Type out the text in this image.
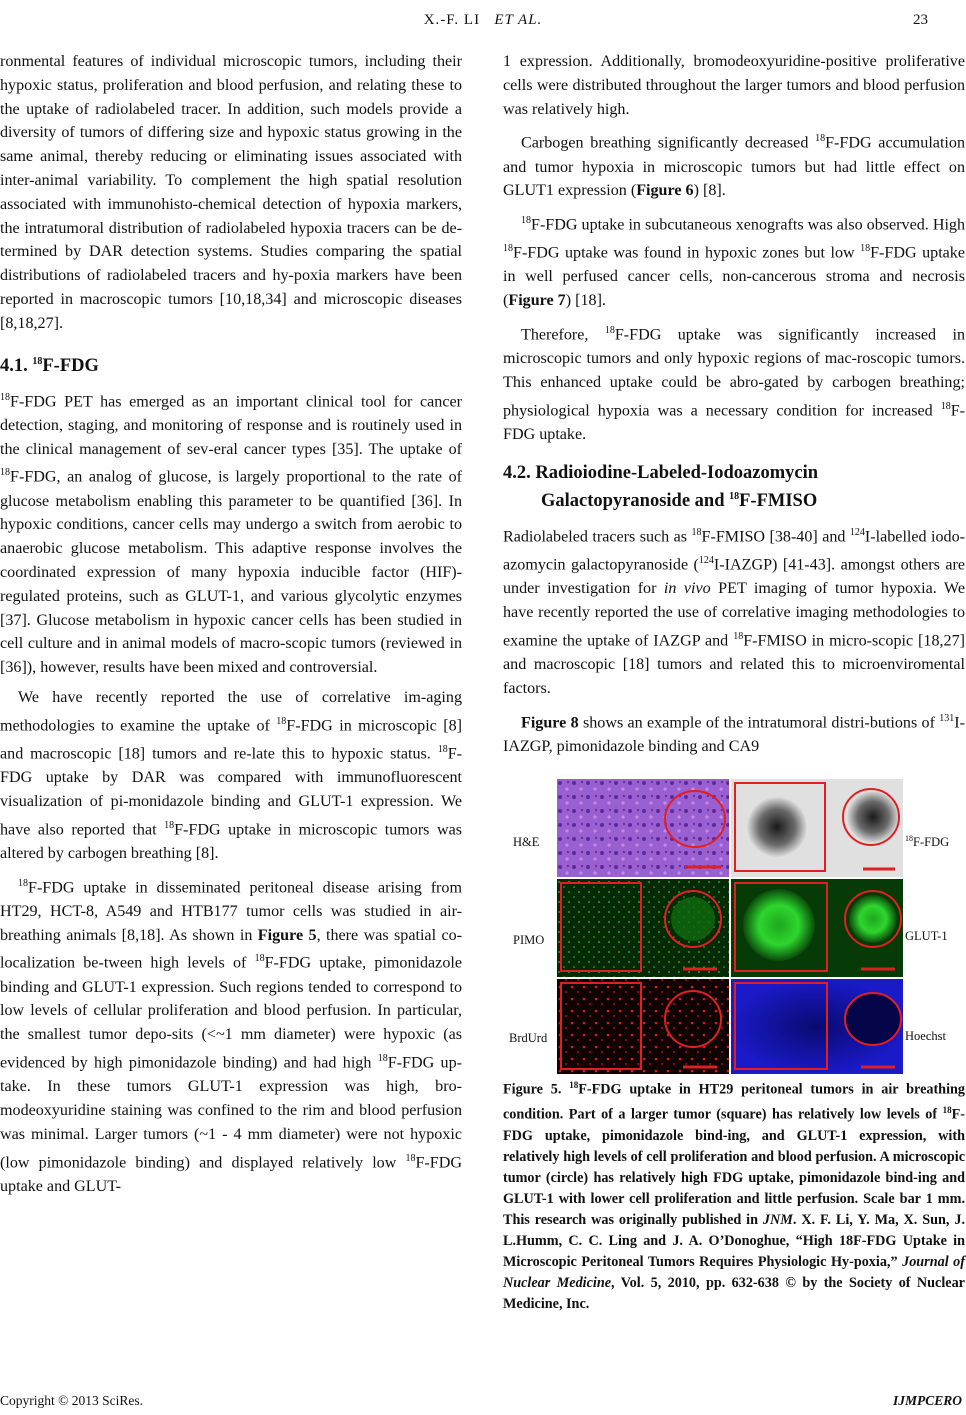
X.-F. LI ET AL.	23

ronmental features of individual microscopic tumors, including their hypoxic status, proliferation and blood perfusion, and relating these to the uptake of radiolabeled tracer. In addition, such models provide a diversity of tumors of differing size and hypoxic status growing in the same animal, thereby reducing or eliminating issues associated with inter-animal variability. To complement the high spatial resolution associated with immunohisto-chemical detection of hypoxia markers, the intratumoral distribution of radiolabeled hypoxia tracers can be de-termined by DAR detection systems. Studies comparing the spatial distributions of radiolabeled tracers and hy-poxia markers have been reported in macroscopic tumors [10,18,34] and microscopic diseases [8,18,27].

4.1. $^{18}$F-FDG

$^{18}$F-FDG PET has emerged as an important clinical tool for cancer detection, staging, and monitoring of response and is routinely used in the clinical management of sev-eral cancer types [35]. The uptake of $^{18}$F-FDG, an analog of glucose, is largely proportional to the rate of glucose metabolism enabling this parameter to be quantified [36]. In hypoxic conditions, cancer cells may undergo a switch from aerobic to anaerobic glucose metabolism. This adaptive response involves the coordinated expression of many hypoxia inducible factor (HIF)-regulated proteins, such as GLUT-1, and various glycolytic enzymes [37]. Glucose metabolism in hypoxic cancer cells has been studied in cell culture and in animal models of macro-scopic tumors (reviewed in [36]), however, results have been mixed and controversial.

We have recently reported the use of correlative im-aging methodologies to examine the uptake of $^{18}$F-FDG in microscopic [8] and macroscopic [18] tumors and re-late this to hypoxic status. $^{18}$F-FDG uptake by DAR was compared with immunofluorescent visualization of pi-monidazole binding and GLUT-1 expression. We have also reported that $^{18}$F-FDG uptake in microscopic tumors was altered by carbogen breathing [8].

$^{18}$F-FDG uptake in disseminated peritoneal disease arising from HT29, HCT-8, A549 and HTB177 tumor cells was studied in air-breathing animals [8,18]. As shown in Figure 5, there was spatial co-localization be-tween high levels of $^{18}$F-FDG uptake, pimonidazole binding and GLUT-1 expression. Such regions tended to correspond to low levels of cellular proliferation and blood perfusion. In particular, the smallest tumor depo-sits (<~1 mm diameter) were hypoxic (as evidenced by high pimonidazole binding) and had high $^{18}$F-FDG up-take. In these tumors GLUT-1 expression was high, bro-modeoxyuridine staining was confined to the rim and blood perfusion was minimal. Larger tumors (~1 - 4 mm diameter) were not hypoxic (low pimonidazole binding) and displayed relatively low $^{18}$F-FDG uptake and GLUT-

1 expression. Additionally, bromodeoxyuridine-positive proliferative cells were distributed throughout the larger tumors and blood perfusion was relatively high.

Carbogen breathing significantly decreased $^{18}$F-FDG accumulation and tumor hypoxia in microscopic tumors but had little effect on GLUT1 expression (Figure 6) [8].

$^{18}$F-FDG uptake in subcutaneous xenografts was also observed. High $^{18}$F-FDG uptake was found in hypoxic zones but low $^{18}$F-FDG uptake in well perfused cancer cells, non-cancerous stroma and necrosis (Figure 7) [18].

Therefore, $^{18}$F-FDG uptake was significantly increased in microscopic tumors and only hypoxic regions of mac-roscopic tumors. This enhanced uptake could be abro-gated by carbogen breathing; physiological hypoxia was a necessary condition for increased $^{18}$F-FDG uptake.

4.2. Radioiodine-Labeled-Iodoazomycin
Galactopyranoside and $^{18}$F-FMISO

Radiolabeled tracers such as $^{18}$F-FMISO [38-40] and $^{124}$I-labelled iodo-azomycin galactopyranoside ($^{124}$I-IAZGP) [41-43]. amongst others are under investigation for in vivo PET imaging of tumor hypoxia. We have recently reported the use of correlative imaging methodologies to examine the uptake of IAZGP and $^{18}$F-FMISO in micro-scopic [18,27] and macroscopic [18] tumors and related this to microenviromental factors.

Figure 8 shows an example of the intratumoral distri-butions of $^{131}$I-IAZGP, pimonidazole binding and CA9

H&E
PIMO
BrdUrd
$^{18}$F-FDG
GLUT-1
Hoechst
Figure 5. $^{18}$F-FDG uptake in HT29 peritoneal tumors in air breathing condition. Part of a larger tumor (square) has relatively low levels of $^{18}$F-FDG uptake, pimonidazole bind-ing, and GLUT-1 expression, with relatively high levels of cell proliferation and blood perfusion. A microscopic tumor (circle) has relatively high FDG uptake, pimonidazole bind-ing and GLUT-1 with lower cell proliferation and little perfusion. Scale bar 1 mm. This research was originally published in JNM. X. F. Li, Y. Ma, X. Sun, J. L.Humm, C. C. Ling and J. A. O’Donoghue, “High 18F-FDG Uptake in Microscopic Peritoneal Tumors Requires Physiologic Hy-poxia,” Journal of Nuclear Medicine, Vol. 5, 2010, pp. 632-638 © by the Society of Nuclear Medicine, Inc.
Copyright © 2013 SciRes.	IJMPCERO
